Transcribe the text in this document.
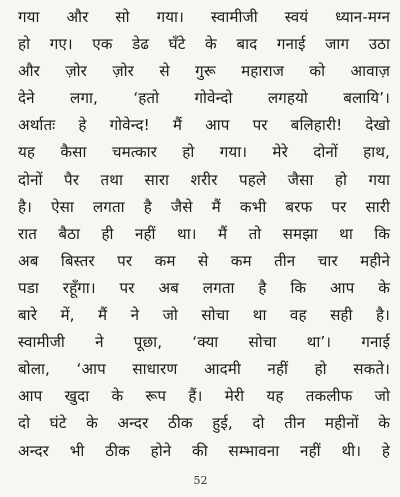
गया और सो गया। स्वामीजी स्वयं ध्यान-मग्न
हो गए। एक डेढ घँटे के बाद गनाई जाग उठा
और ज़ोर ज़ोर से गुरू महाराज को आवाज़
देने लगा, ‘हतो गोवेन्दो लगहयो बलायि’।
अर्थातः हे गोवेन्द! मैं आप पर बलिहारी! देखो
यह कैसा चमत्कार हो गया। मेरे दोनों हाथ,
दोनों पैर तथा सारा शरीर पहले जैसा हो गया
है। ऐसा लगता है जैसे मैं कभी बरफ पर सारी
रात बैठा ही नहीं था। मैं तो समझा था कि
अब बिस्तर पर कम से कम तीन चार महीने
पडा रहूँगा। पर अब लगता है कि आप के
बारे में, मैं ने जो सोचा था वह सही है।
स्वामीजी ने पूछा, ‘क्या सोचा था’। गनाई
बोला, ‘आप साधारण आदमी नहीं हो सकते।
आप खुदा के रूप हैं। मेरी यह तकलीफ जो
दो घंटे के अन्दर ठीक हुई, दो तीन महीनों के
अन्दर भी ठीक होने की सम्भावना नहीं थी। हे
52
